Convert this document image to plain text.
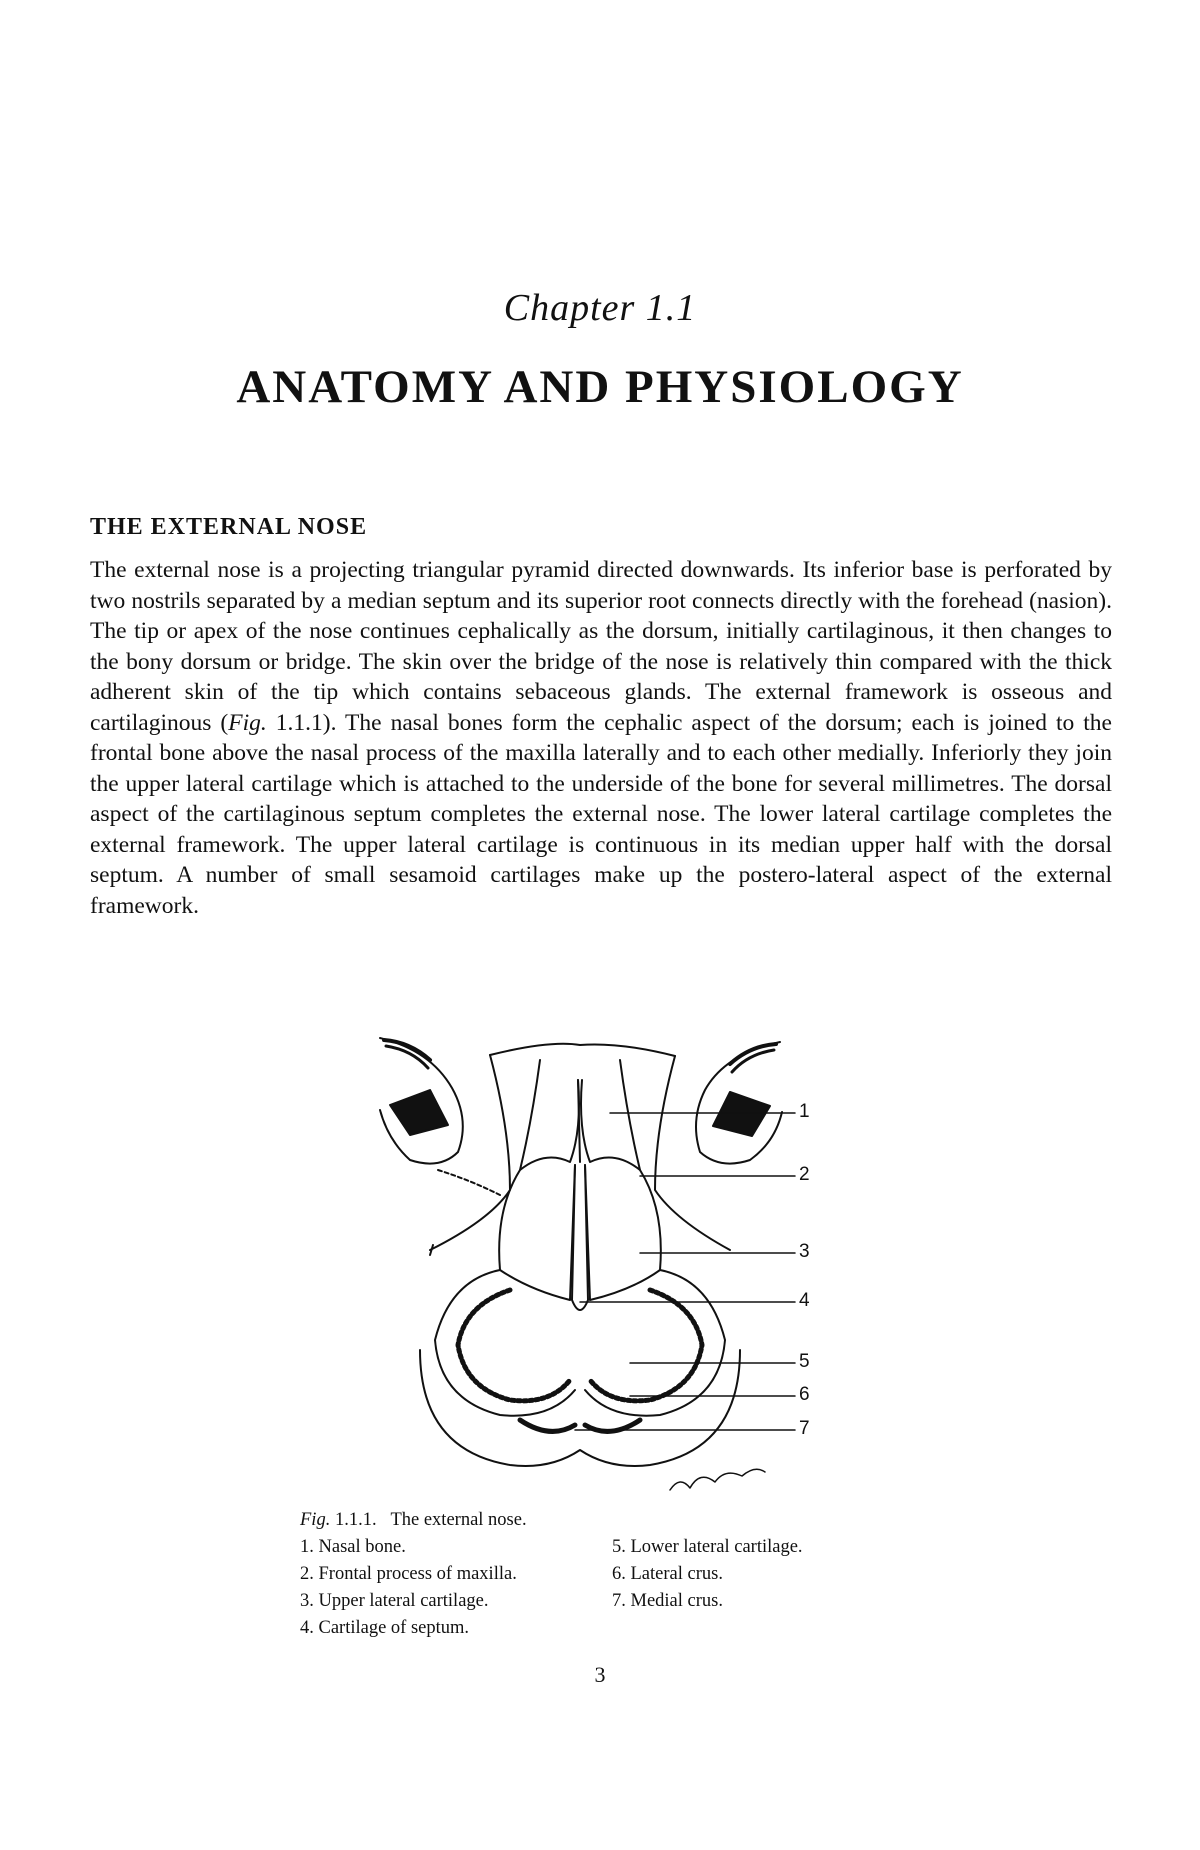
Chapter 1.1
ANATOMY AND PHYSIOLOGY
THE EXTERNAL NOSE

The external nose is a projecting triangular pyramid directed downwards. Its inferior base is perforated by two nostrils separated by a median septum and its superior root connects directly with the forehead (nasion). The tip or apex of the nose continues cephalically as the dorsum, initially cartilaginous, it then changes to the bony dorsum or bridge. The skin over the bridge of the nose is relatively thin compared with the thick adherent skin of the tip which contains sebaceous glands. The external framework is osseous and cartilaginous (Fig. 1.1.1). The nasal bones form the cephalic aspect of the dorsum; each is joined to the frontal bone above the nasal process of the maxilla laterally and to each other medially. Inferiorly they join the upper lateral cartilage which is attached to the underside of the bone for several millimetres. The dorsal aspect of the cartilaginous septum completes the external nose. The lower lateral cartilage completes the external framework. The upper lateral cartilage is continuous in its median upper half with the dorsal septum. A number of small sesamoid cartilages make up the postero-lateral aspect of the external framework.

1
2
3
4
5
6
7
Fig. 1.1.1. The external nose.
1. Nasal bone.
2. Frontal process of maxilla.
3. Upper lateral cartilage.
4. Cartilage of septum.
5. Lower lateral cartilage.
6. Lateral crus.
7. Medial crus.
3
